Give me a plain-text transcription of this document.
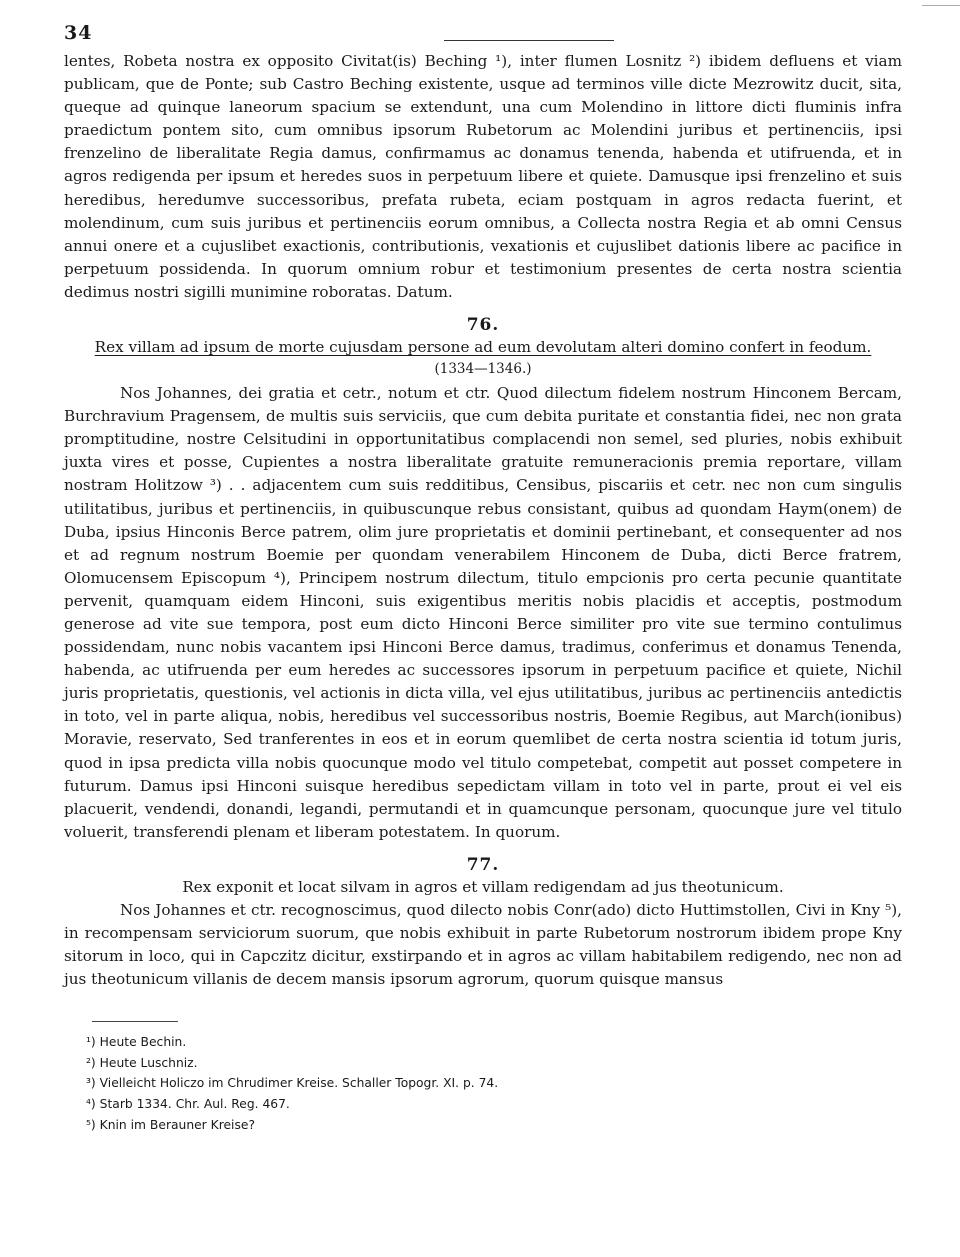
34

lentes, Robeta nostra ex opposito Civitat(is) Beching ¹), inter flumen Losnitz ²) ibidem defluens et viam publicam, que de Ponte; sub Castro Beching existente, usque ad terminos ville dicte Mezrowitz ducit, sita, queque ad quinque laneorum spacium se extendunt, una cum Molendino in littore dicti fluminis infra praedictum pontem sito, cum omnibus ipsorum Rubetorum ac Molendini juribus et pertinenciis, ipsi frenzelino de liberalitate Regia damus, confirmamus ac donamus tenenda, habenda et utifruenda, et in agros redigenda per ipsum et heredes suos in perpetuum libere et quiete. Damusque ipsi frenzelino et suis heredibus, heredumve successoribus, prefata rubeta, eciam postquam in agros redacta fuerint, et molendinum, cum suis juribus et pertinenciis eorum omnibus, a Collecta nostra Regia et ab omni Census annui onere et a cujuslibet exactionis, contributionis, vexationis et cujuslibet dationis libere ac pacifice in perpetuum possidenda. In quorum omnium robur et testimonium presentes de certa nostra scientia dedimus nostri sigilli munimine roboratas. Datum.

76.
Rex villam ad ipsum de morte cujusdam persone ad eum devolutam alteri domino confert in feodum.
(1334—1346.)

Nos Johannes, dei gratia et cetr., notum et ctr. Quod dilectum fidelem nostrum Hinconem Bercam, Burchravium Pragensem, de multis suis serviciis, que cum debita puritate et constantia fidei, nec non grata promptitudine, nostre Celsitudini in opportunitatibus complacendi non semel, sed pluries, nobis exhibuit juxta vires et posse, Cupientes a nostra liberalitate gratuite remuneracionis premia reportare, villam nostram Holitzow ³) . . adjacentem cum suis redditibus, Censibus, piscariis et cetr. nec non cum singulis utilitatibus, juribus et pertinenciis, in quibuscunque rebus consistant, quibus ad quondam Haym(onem) de Duba, ipsius Hinconis Berce patrem, olim jure proprietatis et dominii pertinebant, et consequenter ad nos et ad regnum nostrum Boemie per quondam venerabilem Hinconem de Duba, dicti Berce fratrem, Olomucensem Episcopum ⁴), Principem nostrum dilectum, titulo empcionis pro certa pecunie quantitate pervenit, quamquam eidem Hinconi, suis exigentibus meritis nobis placidis et acceptis, postmodum generose ad vite sue tempora, post eum dicto Hinconi Berce similiter pro vite sue termino contulimus possidendam, nunc nobis vacantem ipsi Hinconi Berce damus, tradimus, conferimus et donamus Tenenda, habenda, ac utifruenda per eum heredes ac successores ipsorum in perpetuum pacifice et quiete, Nichil juris proprietatis, questionis, vel actionis in dicta villa, vel ejus utilitatibus, juribus ac pertinenciis antedictis in toto, vel in parte aliqua, nobis, heredibus vel successoribus nostris, Boemie Regibus, aut March(ionibus) Moravie, reservato, Sed tranferentes in eos et in eorum quemlibet de certa nostra scientia id totum juris, quod in ipsa predicta villa nobis quocunque modo vel titulo competebat, competit aut posset competere in futurum. Damus ipsi Hinconi suisque heredibus sepedictam villam in toto vel in parte, prout ei vel eis placuerit, vendendi, donandi, legandi, permutandi et in quamcunque personam, quocunque jure vel titulo voluerit, transferendi plenam et liberam potestatem. In quorum.

77.
Rex exponit et locat silvam in agros et villam redigendam ad jus theotunicum.

Nos Johannes et ctr. recognoscimus, quod dilecto nobis Conr(ado) dicto Huttimstollen, Civi in Kny ⁵), in recompensam serviciorum suorum, que nobis exhibuit in parte Rubetorum nostrorum ibidem prope Kny sitorum in loco, qui in Capczitz dicitur, exstirpando et in agros ac villam habitabilem redigendo, nec non ad jus theotunicum villanis de decem mansis ipsorum agrorum, quorum quisque mansus

¹) Heute Bechin.
²) Heute Luschniz.
³) Vielleicht Holiczo im Chrudimer Kreise. Schaller Topogr. XI. p. 74.
⁴) Starb 1334. Chr. Aul. Reg. 467.
⁵) Knin im Berauner Kreise?
